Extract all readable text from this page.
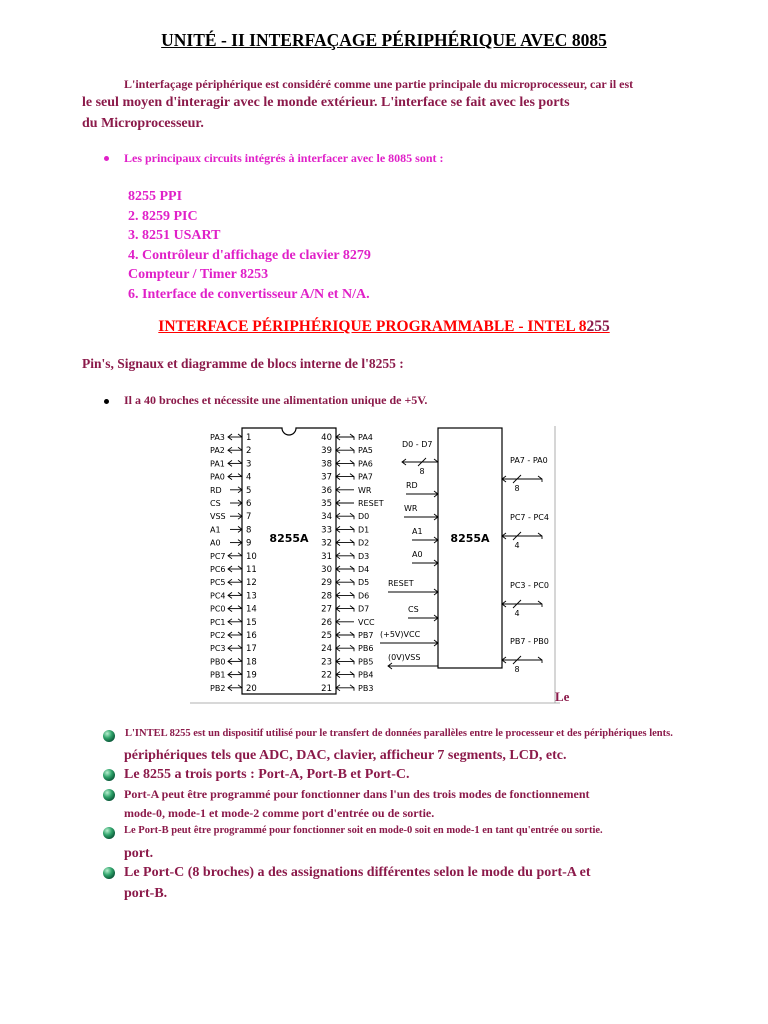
UNITÉ - II INTERFAÇAGE PÉRIPHÉRIQUE AVEC 8085
L'interfaçage périphérique est considéré comme une partie principale du microprocesseur, car il est
le seul moyen d'interagir avec le monde extérieur. L'interface se fait avec les ports
du Microprocesseur.
Les principaux circuits intégrés à interfacer avec le 8085 sont :
8255 PPI
2. 8259 PIC
3. 8251 USART
4. Contrôleur d'affichage de clavier 8279
Compteur / Timer 8253
6. Interface de convertisseur A/N et N/A.
INTERFACE PÉRIPHÉRIQUE PROGRAMMABLE - INTEL 8255
Pin's, Signaux et diagramme de blocs interne de l'8255 :
Il a 40 broches et nécessite une alimentation unique de +5V.
8255A
1
PA3
2
PA2
3
PA1
4
PA0
5
RD
6
CS
7
VSS
8
A1
9
A0
10
PC7
11
PC6
12
PC5
13
PC4
14
PC0
15
PC1
16
PC2
17
PC3
18
PB0
19
PB1
20
PB2
40	PA4
39	PA5
38	PA6
37	PA7
36	WR
35	RESET
34	D0
33	D1
32	D2
31	D3
30	D4
29	D5
28	D6
27	D7
26	VCC
25	PB7
24	PB6
23	PB5
22	PB4
21	PB3
8255A
D0 - D7
8
RD
WR
A1
A0
RESET
CS
(+5V)VCC
(0V)VSS
PA7 - PA0
8
PC7 - PC4
4
PC3 - PC0
4
PB7 - PB0
8
Le
L'INTEL 8255 est un dispositif utilisé pour le transfert de données parallèles entre le processeur et des périphériques lents.
périphériques tels que ADC, DAC, clavier, afficheur 7 segments, LCD, etc.
Le 8255 a trois ports : Port-A, Port-B et Port-C.
Port-A peut être programmé pour fonctionner dans l'un des trois modes de fonctionnement
mode-0, mode-1 et mode-2 comme port d'entrée ou de sortie.
Le Port-B peut être programmé pour fonctionner soit en mode-0 soit en mode-1 en tant qu'entrée ou sortie.
port.
Le Port-C (8 broches) a des assignations différentes selon le mode du port-A et
port-B.
